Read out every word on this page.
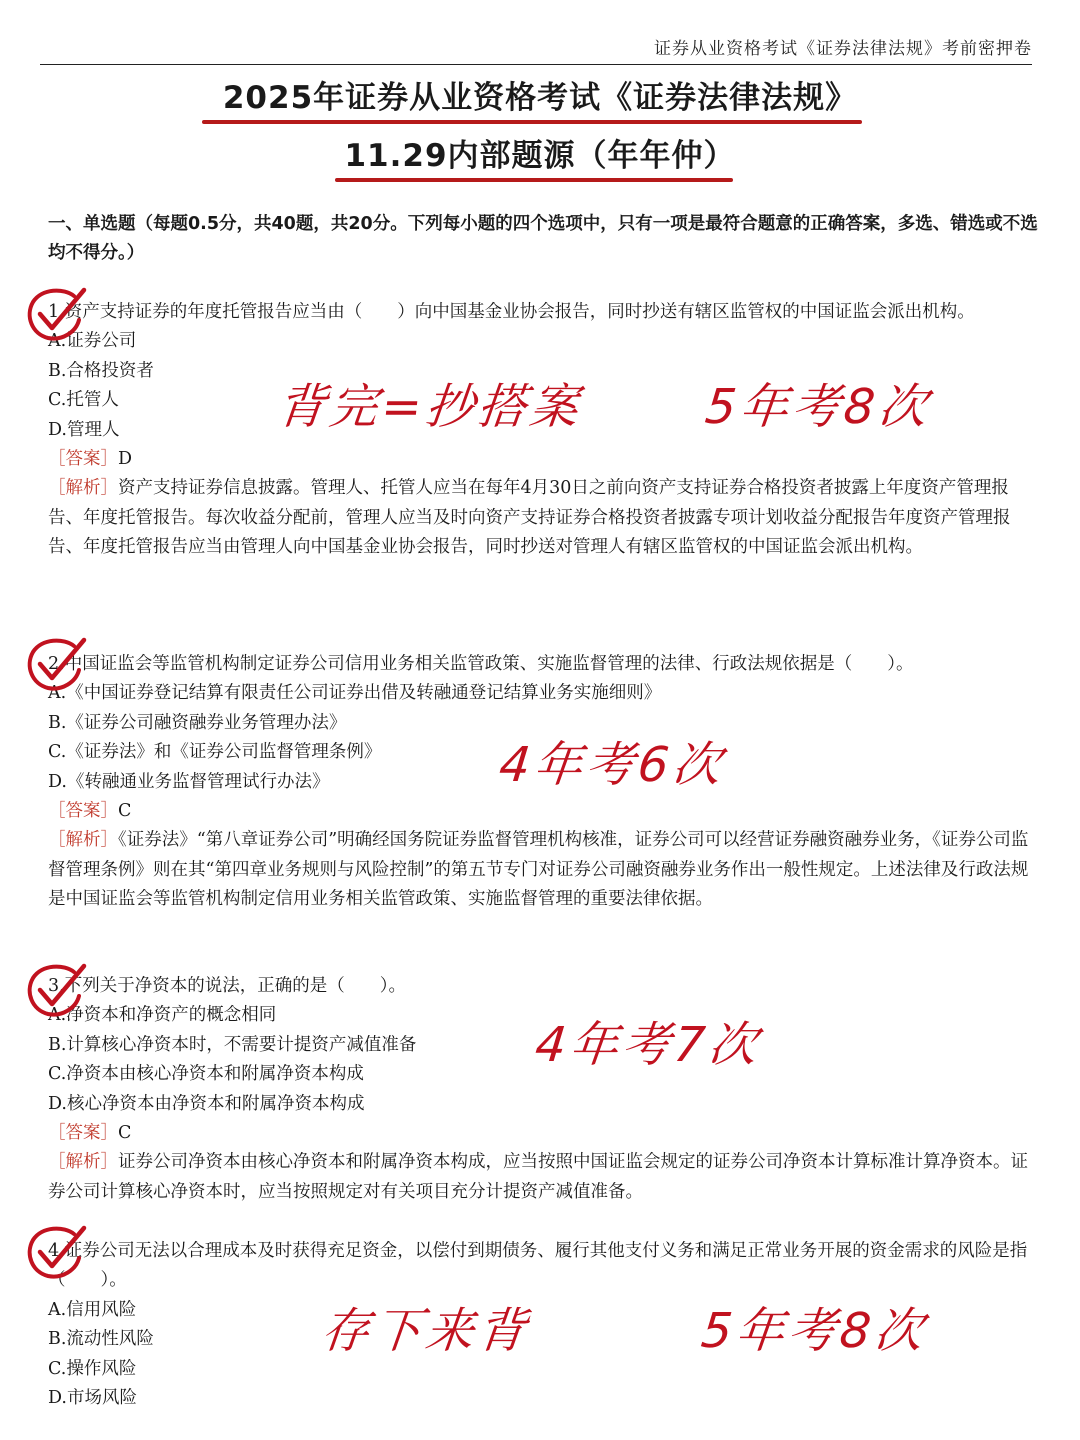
证券从业资格考试《证券法律法规》考前密押卷
2025年证券从业资格考试《证券法律法规》
11.29内部题源（年年仲）
一、单选题（每题0.5分，共40题，共20分。下列每小题的四个选项中，只有一项是最符合题意的正确答案，多选、错选或不选均不得分。）

1.资产支持证券的年度托管报告应当由（　　）向中国基金业协会报告，同时抄送有辖区监管权的中国证监会派出机构。

A.证券公司

B.合格投资者

C.托管人

D.管理人

［答案］D

［解析］资产支持证券信息披露。管理人、托管人应当在每年4月30日之前向资产支持证券合格投资者披露上年度资产管理报告、年度托管报告。每次收益分配前，管理人应当及时向资产支持证券合格投资者披露专项计划收益分配报告年度资产管理报告、年度托管报告应当由管理人向中国基金业协会报告，同时抄送对管理人有辖区监管权的中国证监会派出机构。

2.中国证监会等监管机构制定证券公司信用业务相关监管政策、实施监督管理的法律、行政法规依据是（　　）。

A.《中国证券登记结算有限责任公司证券出借及转融通登记结算业务实施细则》

B.《证券公司融资融券业务管理办法》

C.《证券法》和《证券公司监督管理条例》

D.《转融通业务监督管理试行办法》

［答案］C

［解析］《证券法》“第八章证券公司”明确经国务院证券监督管理机构核准，证券公司可以经营证券融资融券业务，《证券公司监督管理条例》则在其“第四章业务规则与风险控制”的第五节专门对证券公司融资融券业务作出一般性规定。上述法律及行政法规是中国证监会等监管机构制定信用业务相关监管政策、实施监督管理的重要法律依据。

3.下列关于净资本的说法，正确的是（　　）。

A.净资本和净资产的概念相同

B.计算核心净资本时，不需要计提资产减值准备

C.净资本由核心净资本和附属净资本构成

D.核心净资本由净资本和附属净资本构成

［答案］C

［解析］证券公司净资本由核心净资本和附属净资本构成，应当按照中国证监会规定的证券公司净资本计算标准计算净资本。证券公司计算核心净资本时，应当按照规定对有关项目充分计提资产减值准备。

4.证券公司无法以合理成本及时获得充足资金，以偿付到期债务、履行其他支付义务和满足正常业务开展的资金需求的风险是指（　　）。

A.信用风险

B.流动性风险

C.操作风险

D.市场风险

背完=抄搭案 5年考8次
4年考6次
4年考7次
存下来背	5年考8次
